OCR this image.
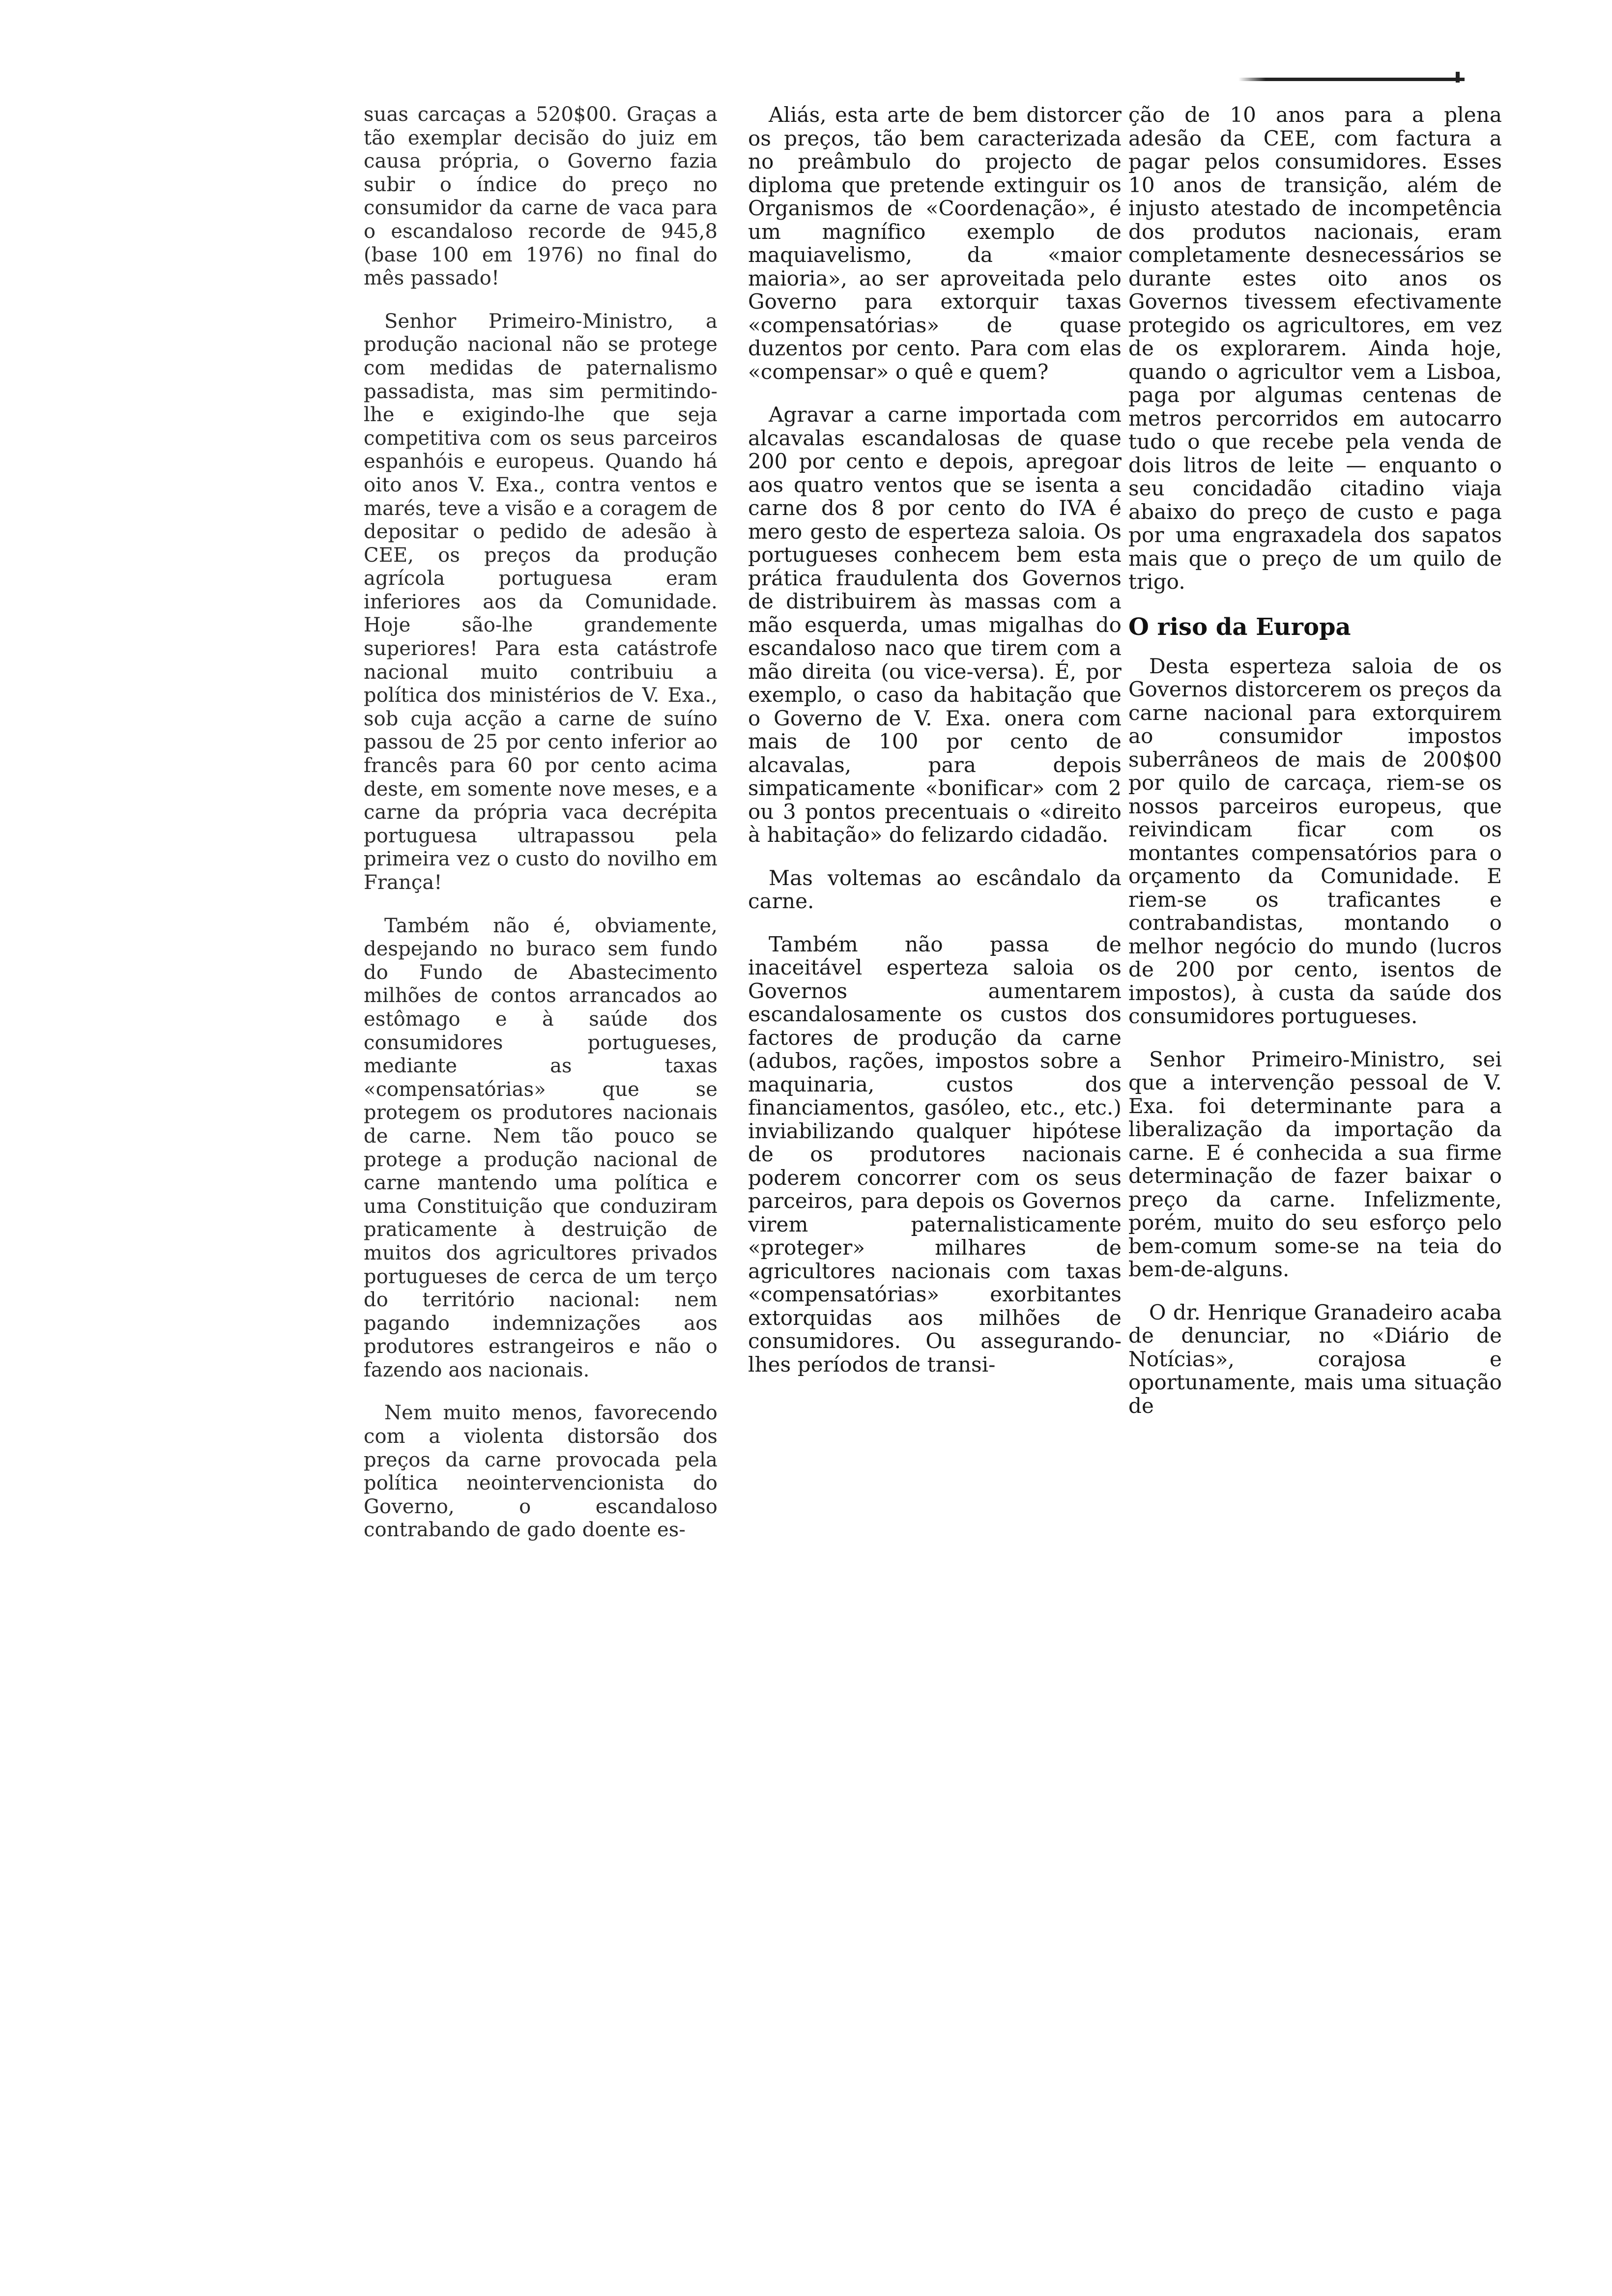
suas carcaças a 520$00. Graças a tão exemplar decisão do juiz em causa própria, o Governo fazia subir o índice do preço no consumidor da carne de vaca para o escandaloso recorde de 945,8 (base 100 em 1976) no final do mês passado!

Senhor Primeiro-Ministro, a produção nacional não se protege com medidas de paternalismo passadista, mas sim permitindo-lhe e exigindo-lhe que seja competitiva com os seus parceiros espanhóis e europeus. Quando há oito anos V. Exa., contra ventos e marés, teve a visão e a coragem de depositar o pedido de adesão à CEE, os preços da produção agrícola portuguesa eram inferiores aos da Comunidade. Hoje são-lhe grandemente superiores! Para esta catástrofe nacional muito contribuiu a política dos ministérios de V. Exa., sob cuja acção a carne de suíno passou de 25 por cento inferior ao francês para 60 por cento acima deste, em somente nove meses, e a carne da própria vaca decrépita portuguesa ultrapassou pela primeira vez o custo do novilho em França!

Também não é, obviamente, despejando no buraco sem fundo do Fundo de Abastecimento milhões de contos arrancados ao estômago e à saúde dos consumidores portugueses, mediante as taxas «compensatórias» que se protegem os produtores nacionais de carne. Nem tão pouco se protege a produção nacional de carne mantendo uma política e uma Constituição que conduziram praticamente à destruição de muitos dos agricultores privados portugueses de cerca de um terço do território nacional: nem pagando indemnizações aos produtores estrangeiros e não o fazendo aos nacionais.

Nem muito menos, favorecendo com a violenta distorsão dos preços da carne provocada pela política neointervencionista do Governo, o escandaloso contrabando de gado doente es-

Aliás, esta arte de bem distorcer os preços, tão bem caracterizada no preâmbulo do projecto de diploma que pretende extinguir os Organismos de «Coordenação», é um magnífico exemplo de maquiavelismo, da «maior maioria», ao ser aproveitada pelo Governo para extorquir taxas «compensatórias» de quase duzentos por cento. Para com elas «compensar» o quê e quem?

Agravar a carne importada com alcavalas escandalosas de quase 200 por cento e depois, apregoar aos quatro ventos que se isenta a carne dos 8 por cento do IVA é mero gesto de esperteza saloia. Os portugueses conhecem bem esta prática fraudulenta dos Governos de distribuirem às massas com a mão esquerda, umas migalhas do escandaloso naco que tirem com a mão direita (ou vice-versa). É, por exemplo, o caso da habitação que o Governo de V. Exa. onera com mais de 100 por cento de alcavalas, para depois simpaticamente «bonificar» com 2 ou 3 pontos precentuais o «direito à habitação» do felizardo cidadão.

Mas voltemas ao escândalo da carne.

Também não passa de inaceitável esperteza saloia os Governos aumentarem escandalosamente os custos dos factores de produção da carne (adubos, rações, impostos sobre a maquinaria, custos dos financiamentos, gasóleo, etc., etc.) inviabilizando qualquer hipótese de os produtores nacionais poderem concorrer com os seus parceiros, para depois os Governos virem paternalisticamente «proteger» milhares de agricultores nacionais com taxas «compensatórias» exorbitantes extorquidas aos milhões de consumidores. Ou assegurando-lhes períodos de transi-

ção de 10 anos para a plena adesão da CEE, com factura a pagar pelos consumidores. Esses 10 anos de transição, além de injusto atestado de incompetência dos produtos nacionais, eram completamente desnecessários se durante estes oito anos os Governos tivessem efectivamente protegido os agricultores, em vez de os explorarem. Ainda hoje, quando o agricultor vem a Lisboa, paga por algumas centenas de metros percorridos em autocarro tudo o que recebe pela venda de dois litros de leite — enquanto o seu concidadão citadino viaja abaixo do preço de custo e paga por uma engraxadela dos sapatos mais que o preço de um quilo de trigo.

O riso da Europa

Desta esperteza saloia de os Governos distorcerem os preços da carne nacional para extorquirem ao consumidor impostos suberrâneos de mais de 200$00 por quilo de carcaça, riem-se os nossos parceiros europeus, que reivindicam ficar com os montantes compensatórios para o orçamento da Comunidade. E riem-se os traficantes e contrabandistas, montando o melhor negócio do mundo (lucros de 200 por cento, isentos de impostos), à custa da saúde dos consumidores portugueses.

Senhor Primeiro-Ministro, sei que a intervenção pessoal de V. Exa. foi determinante para a liberalização da importação da carne. E é conhecida a sua firme determinação de fazer baixar o preço da carne. Infelizmente, porém, muito do seu esforço pelo bem-comum some-se na teia do bem-de-alguns.

O dr. Henrique Granadeiro acaba de denunciar, no «Diário de Notícias», corajosa e oportunamente, mais uma situação de
